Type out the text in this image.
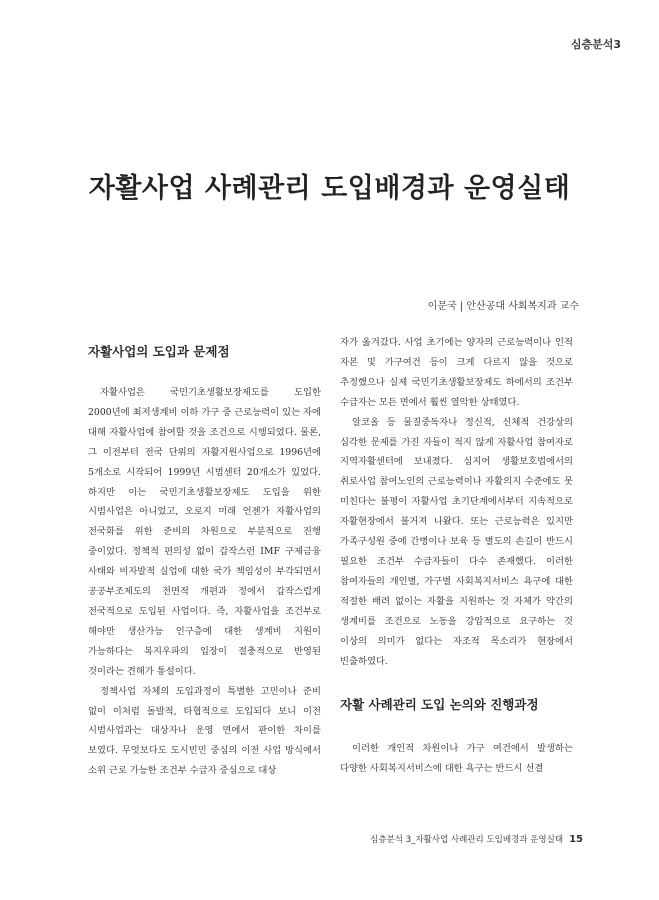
심층분석3
자활사업 사례관리 도입배경과 운영실태
이문국 | 안산공대 사회복지과 교수
자활사업의 도입과 문제점

자활사업은 국민기초생활보장제도를 도입한 2000년에 최저생계비 이하 가구 중 근로능력이 있는 자에 대해 자활사업에 참여할 것을 조건으로 시행되었다. 물론, 그 이전부터 전국 단위의 자활지원사업으로 1996년에 5개소로 시작되어 1999년 시범센터 20개소가 있었다. 하지만 이는 국민기초생활보장제도 도입을 위한 시범사업은 아니었고, 오로지 미래 언젠가 자활사업의 전국화를 위한 준비의 차원으로 부분적으로 진행 중이었다. 정책적 편의성 없이 갑작스런 IMF 구제금융 사태와 비자발적 실업에 대한 국가 책임성이 부각되면서 공공부조제도의 전면적 개편과 정에서 갑작스럽게 전국적으로 도입된 사업이다. 즉, 자활사업을 조건부로 해야만 생산가능 인구층에 대한 생계비 지원이 가능하다는 복지우파의 입장이 절충적으로 반영된 것이라는 견해가 통설이다.

정책사업 자체의 도입과정이 특별한 고민이나 준비 없이 이처럼 돌발적, 타협적으로 도입되다 보니 이전 시범사업과는 대상자나 운영 면에서 판이한 차이를 보였다. 무엇보다도 도시빈민 중심의 이전 사업 방식에서 소위 근로 가능한 조건부 수급자 중심으로 대상

자가 옮겨갔다. 사업 초기에는 양자의 근로능력이나 인적 자본 및 가구여건 등이 크게 다르지 않을 것으로 추정했으나 실제 국민기초생활보장제도 하에서의 조건부 수급자는 모든 면에서 훨씬 열악한 상태였다.

알코올 등 물질중독자나 정신적, 신체적 건강상의 심각한 문제를 가진 자들이 적지 않게 자활사업 참여자로 지역자활센터에 보내졌다. 심지어 생활보호법에서의 취로사업 참여노인의 근로능력이나 자활의지 수준에도 못 미친다는 불평이 자활사업 초기단계에서부터 지속적으로 자활현장에서 불거져 나왔다. 또는 근로능력은 있지만 가족구성원 중에 간병이나 보육 등 별도의 손길이 반드시 필요한 조건부 수급자들이 다수 존재했다. 이러한 참여자들의 개인별, 가구별 사회복지서비스 욕구에 대한 적절한 배려 없이는 자활을 지원하는 것 자체가 약간의 생계비를 조건으로 노동을 강압적으로 요구하는 것 이상의 의미가 없다는 자조적 목소리가 현장에서 빈출하였다.

자활 사례관리 도입 논의와 진행과정

이러한 개인적 차원이나 가구 여건에서 발생하는 다양한 사회복지서비스에 대한 욕구는 반드시 선결

심층분석 3_자활사업 사례관리 도입배경과 운영실태 15
